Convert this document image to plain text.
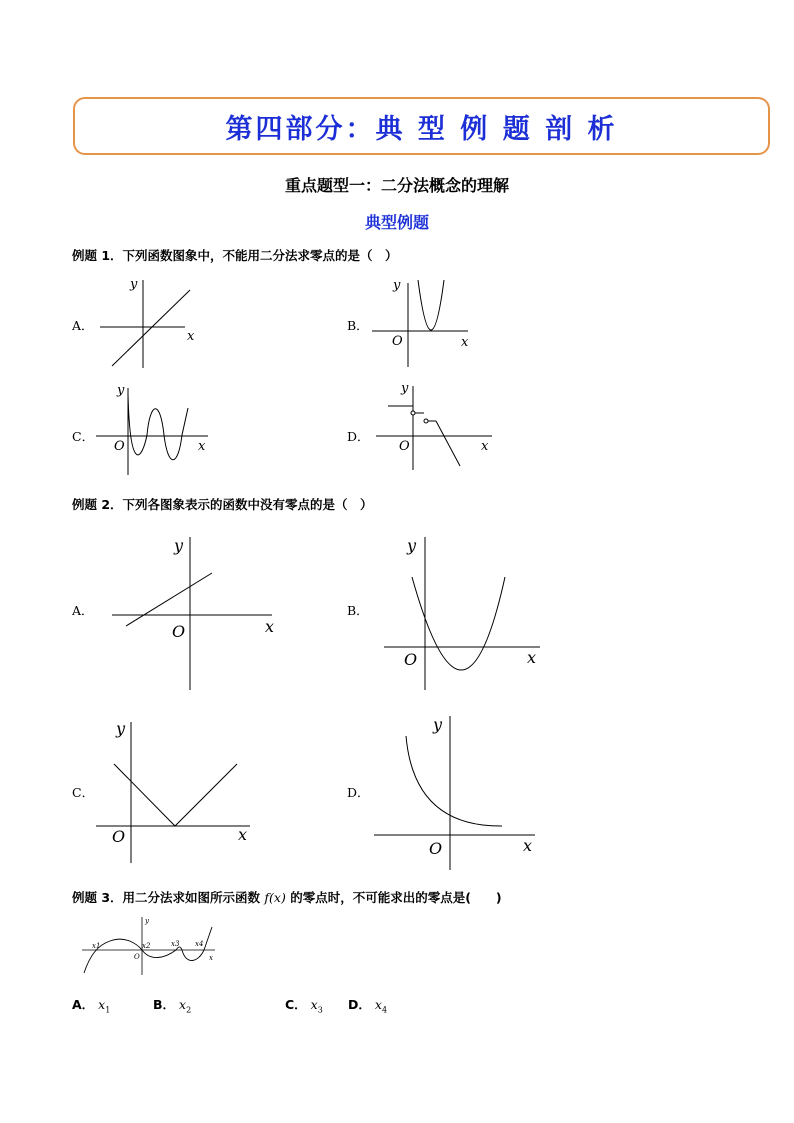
第四部分：典 型 例 题 剖 析
重点题型一：二分法概念的理解
典型例题
例题 1．下列函数图象中，不能用二分法求零点的是（　）
A．
y
x
B．
y
O	x
C．
y
O	x
D．
y
O	x
例题 2．下列各图象表示的函数中没有零点的是（　）
A．
y
O	x
B．
y
O	x
C．
y
O	x
D．
y
O	x
例题 3．用二分法求如图所示函数 f(x) 的零点时，不可能求出的零点是(　　)
y
O	x
x1	x2	x3 x4
A． $x_1$	B． $x_2$	C． $x_3$ D． $x_4$
